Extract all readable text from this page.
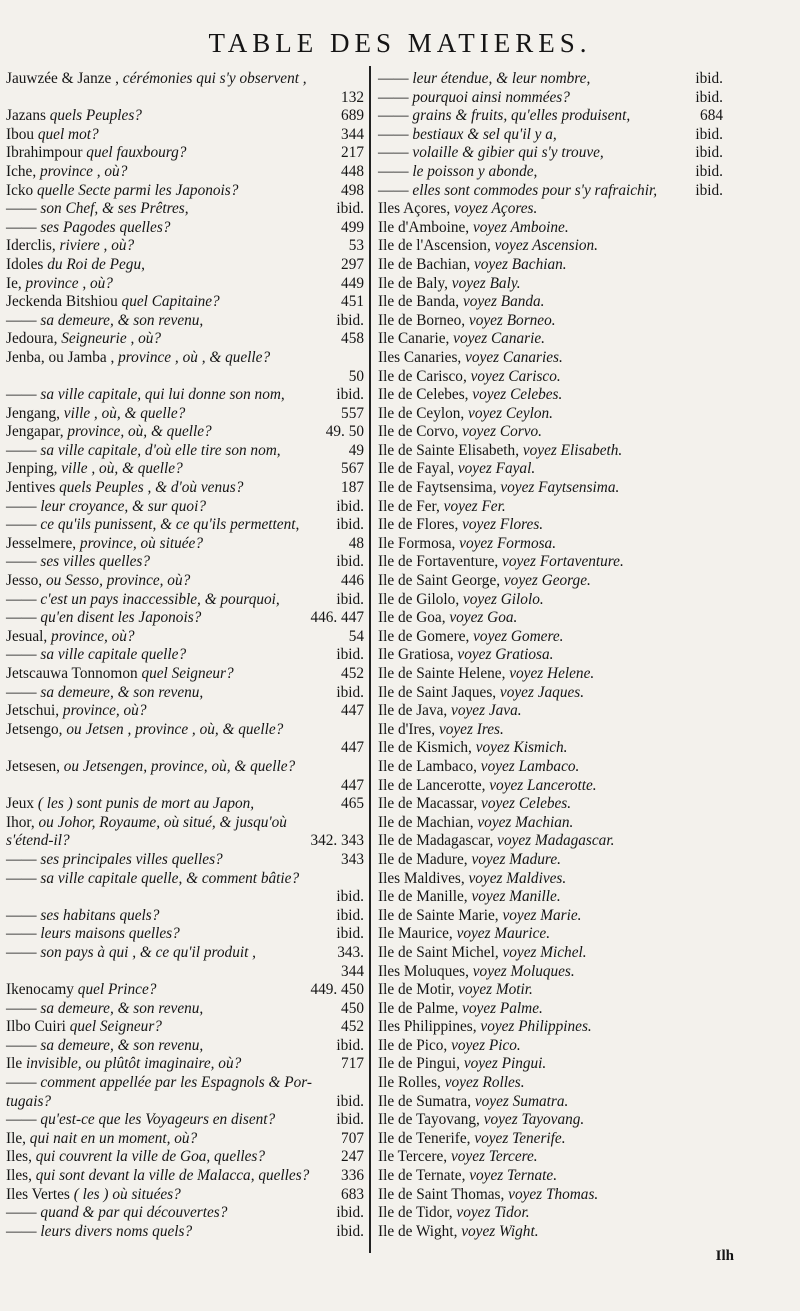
TABLE DES MATIERES.
Jauwzée & Janze , cérémonies qui s'y observent ,
132
Jazans quels Peuples?	689
Ibou quel mot?	344
Ibrahimpour quel fauxbourg?	217
Iche, province , où?	448
Icko quelle Secte parmi les Japonois?	498
—— son Chef, & ses Prêtres,	ibid.
—— ses Pagodes quelles?	499
Iderclis, riviere , où?	53
Idoles du Roi de Pegu,	297
Ie, province , où?	449
Jeckenda Bitshiou quel Capitaine?	451
—— sa demeure, & son revenu,	ibid.
Jedoura, Seigneurie , où?	458
Jenba, ou Jamba , province , où , & quelle?
50
—— sa ville capitale, qui lui donne son nom,	ibid.
Jengang, ville , où, & quelle?	557
Jengapar, province, où, & quelle?	49. 50
—— sa ville capitale, d'où elle tire son nom,	49
Jenping, ville , où, & quelle?	567
Jentives quels Peuples , & d'où venus?	187
—— leur croyance, & sur quoi?	ibid.
—— ce qu'ils punissent, & ce qu'ils permettent, ibid.
Jesselmere, province, où située?	48
—— ses villes quelles?	ibid.
Jesso, ou Sesso, province, où?	446
—— c'est un pays inaccessible, & pourquoi,	ibid.
—— qu'en disent les Japonois?	446. 447
Jesual, province, où?	54
—— sa ville capitale quelle?	ibid.
Jetscauwa Tonnomon quel Seigneur?	452
—— sa demeure, & son revenu,	ibid.
Jetschui, province, où?	447
Jetsengo, ou Jetsen , province , où, & quelle?
447
Jetsesen, ou Jetsengen, province, où, & quelle?
447
Jeux ( les ) sont punis de mort au Japon,	465
Ihor, ou Johor, Royaume, où situé, & jusqu'où
s'étend-il?	342. 343
—— ses principales villes quelles?	343
—— sa ville capitale quelle, & comment bâtie?
ibid.
—— ses habitans quels?	ibid.
—— leurs maisons quelles?	ibid.
—— son pays à qui , & ce qu'il produit ,	343.
344
Ikenocamy quel Prince?	449. 450
—— sa demeure, & son revenu,	450
Ilbo Cuiri quel Seigneur?	452
—— sa demeure, & son revenu,	ibid.
Ile invisible, ou plûtôt imaginaire, où?	717
—— comment appellée par les Espagnols & Por-
tugais?	ibid.
—— qu'est-ce que les Voyageurs en disent?	ibid.
Ile, qui nait en un moment, où?	707
Iles, qui couvrent la ville de Goa, quelles?	247
Iles, qui sont devant la ville de Malacca, quelles? 336
Iles Vertes ( les ) où situées?	683
—— quand & par qui découvertes?	ibid.
—— leurs divers noms quels?	ibid.
—— leur étendue, & leur nombre,	ibid.
—— pourquoi ainsi nommées?	ibid.
—— grains & fruits, qu'elles produisent,	684
—— bestiaux & sel qu'il y a,	ibid.
—— volaille & gibier qui s'y trouve,	ibid.
—— le poisson y abonde,	ibid.
—— elles sont commodes pour s'y rafraichir,	ibid.
Iles Açores, voyez Açores.
Ile d'Amboine, voyez Amboine.
Ile de l'Ascension, voyez Ascension.
Ile de Bachian, voyez Bachian.
Ile de Baly, voyez Baly.
Ile de Banda, voyez Banda.
Ile de Borneo, voyez Borneo.
Ile Canarie, voyez Canarie.
Iles Canaries, voyez Canaries.
Ile de Carisco, voyez Carisco.
Ile de Celebes, voyez Celebes.
Ile de Ceylon, voyez Ceylon.
Ile de Corvo, voyez Corvo.
Ile de Sainte Elisabeth, voyez Elisabeth.
Ile de Fayal, voyez Fayal.
Ile de Faytsensima, voyez Faytsensima.
Ile de Fer, voyez Fer.
Ile de Flores, voyez Flores.
Ile Formosa, voyez Formosa.
Ile de Fortaventure, voyez Fortaventure.
Ile de Saint George, voyez George.
Ile de Gilolo, voyez Gilolo.
Ile de Goa, voyez Goa.
Ile de Gomere, voyez Gomere.
Ile Gratiosa, voyez Gratiosa.
Ile de Sainte Helene, voyez Helene.
Ile de Saint Jaques, voyez Jaques.
Ile de Java, voyez Java.
Ile d'Ires, voyez Ires.
Ile de Kismich, voyez Kismich.
Ile de Lambaco, voyez Lambaco.
Ile de Lancerotte, voyez Lancerotte.
Ile de Macassar, voyez Celebes.
Ile de Machian, voyez Machian.
Ile de Madagascar, voyez Madagascar.
Ile de Madure, voyez Madure.
Iles Maldives, voyez Maldives.
Ile de Manille, voyez Manille.
Ile de Sainte Marie, voyez Marie.
Ile Maurice, voyez Maurice.
Ile de Saint Michel, voyez Michel.
Iles Moluques, voyez Moluques.
Ile de Motir, voyez Motir.
Ile de Palme, voyez Palme.
Iles Philippines, voyez Philippines.
Ile de Pico, voyez Pico.
Ile de Pingui, voyez Pingui.
Ile Rolles, voyez Rolles.
Ile de Sumatra, voyez Sumatra.
Ile de Tayovang, voyez Tayovang.
Ile de Tenerife, voyez Tenerife.
Ile Tercere, voyez Tercere.
Ile de Ternate, voyez Ternate.
Ile de Saint Thomas, voyez Thomas.
Ile de Tidor, voyez Tidor.
Ile de Wight, voyez Wight.
Ilh
